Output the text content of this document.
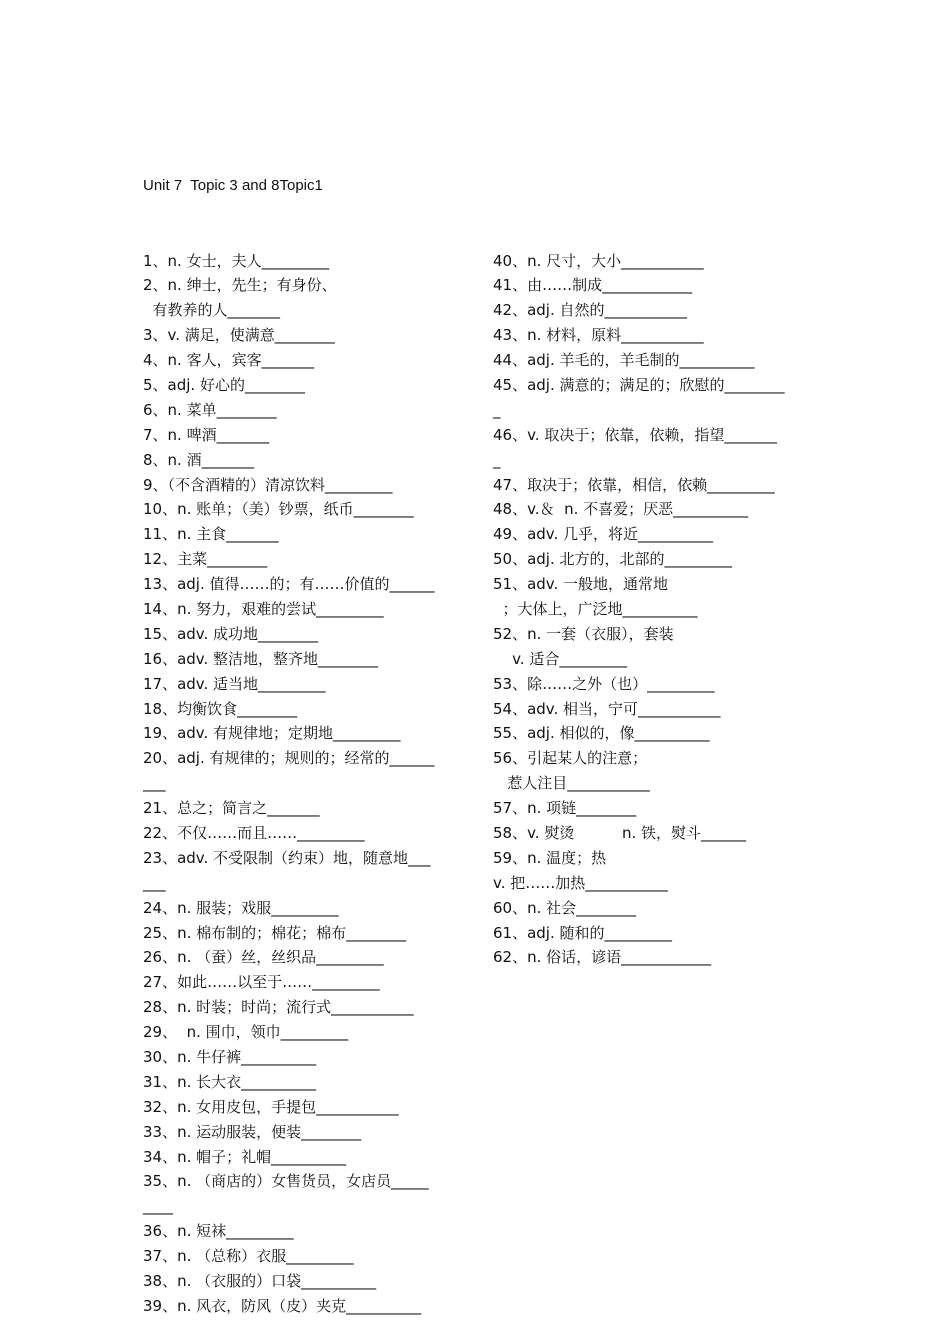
Unit 7  Topic 3 and 8Topic1

1、n. 女士，夫人_________
2、n. 绅士，先生；有身份、
有教养的人_______
3、v. 满足，使满意________
4、n. 客人，宾客_______
5、adj. 好心的________
6、n. 菜单________
7、n. 啤酒_______
8、n. 酒_______
9、（不含酒精的）清凉饮料_________
10、n. 账单；（美）钞票，纸币________
11、n. 主食_______
12、主菜________
13、adj. 值得……的；有……价值的______
14、n. 努力，艰难的尝试_________
15、adv. 成功地________
16、adv. 整洁地，整齐地________
17、adv. 适当地_________
18、均衡饮食________
19、adv. 有规律地；定期地_________
20、adj. 有规律的；规则的；经常的______
___
21、总之；简言之_______
22、不仅……而且……_________
23、adv. 不受限制（约束）地，随意地___
___
24、n. 服装；戏服_________
25、n. 棉布制的；棉花；棉布________
26、n. （蚕）丝，丝织品_________
27、如此……以至于……_________
28、n. 时装；时尚；流行式___________
29、  n. 围巾，领巾_________
30、n. 牛仔裤__________
31、n. 长大衣__________
32、n. 女用皮包，手提包___________
33、n. 运动服装，便装________
34、n. 帽子；礼帽__________
35、n. （商店的）女售货员，女店员_____
____
36、n. 短袜_________
37、n. （总称）衣服_________
38、n. （衣服的）口袋__________
39、n. 风衣，防风（皮）夹克__________

40、n. 尺寸，大小___________
41、由……制成____________
42、adj. 自然的___________
43、n. 材料，原料___________
44、adj. 羊毛的，羊毛制的__________
45、adj. 满意的；满足的；欣慰的________
_
46、v. 取决于；依靠，依赖，指望_______
_
47、取决于；依靠，相信，依赖_________
48、v.＆  n. 不喜爱；厌恶__________
49、adv. 几乎，将近__________
50、adj. 北方的，北部的_________
51、adv. 一般地，通常地
；大体上，广泛地__________
52、n. 一套（衣服），套装
v. 适合_________
53、除……之外（也）_________
54、adv. 相当，宁可___________
55、adj. 相似的，像__________
56、引起某人的注意；
惹人注目___________
57、n. 项链________
58、v. 熨烫          n. 铁，熨斗______
59、n. 温度；热
v. 把……加热___________
60、n. 社会________
61、adj. 随和的_________
62、n. 俗话，谚语____________
